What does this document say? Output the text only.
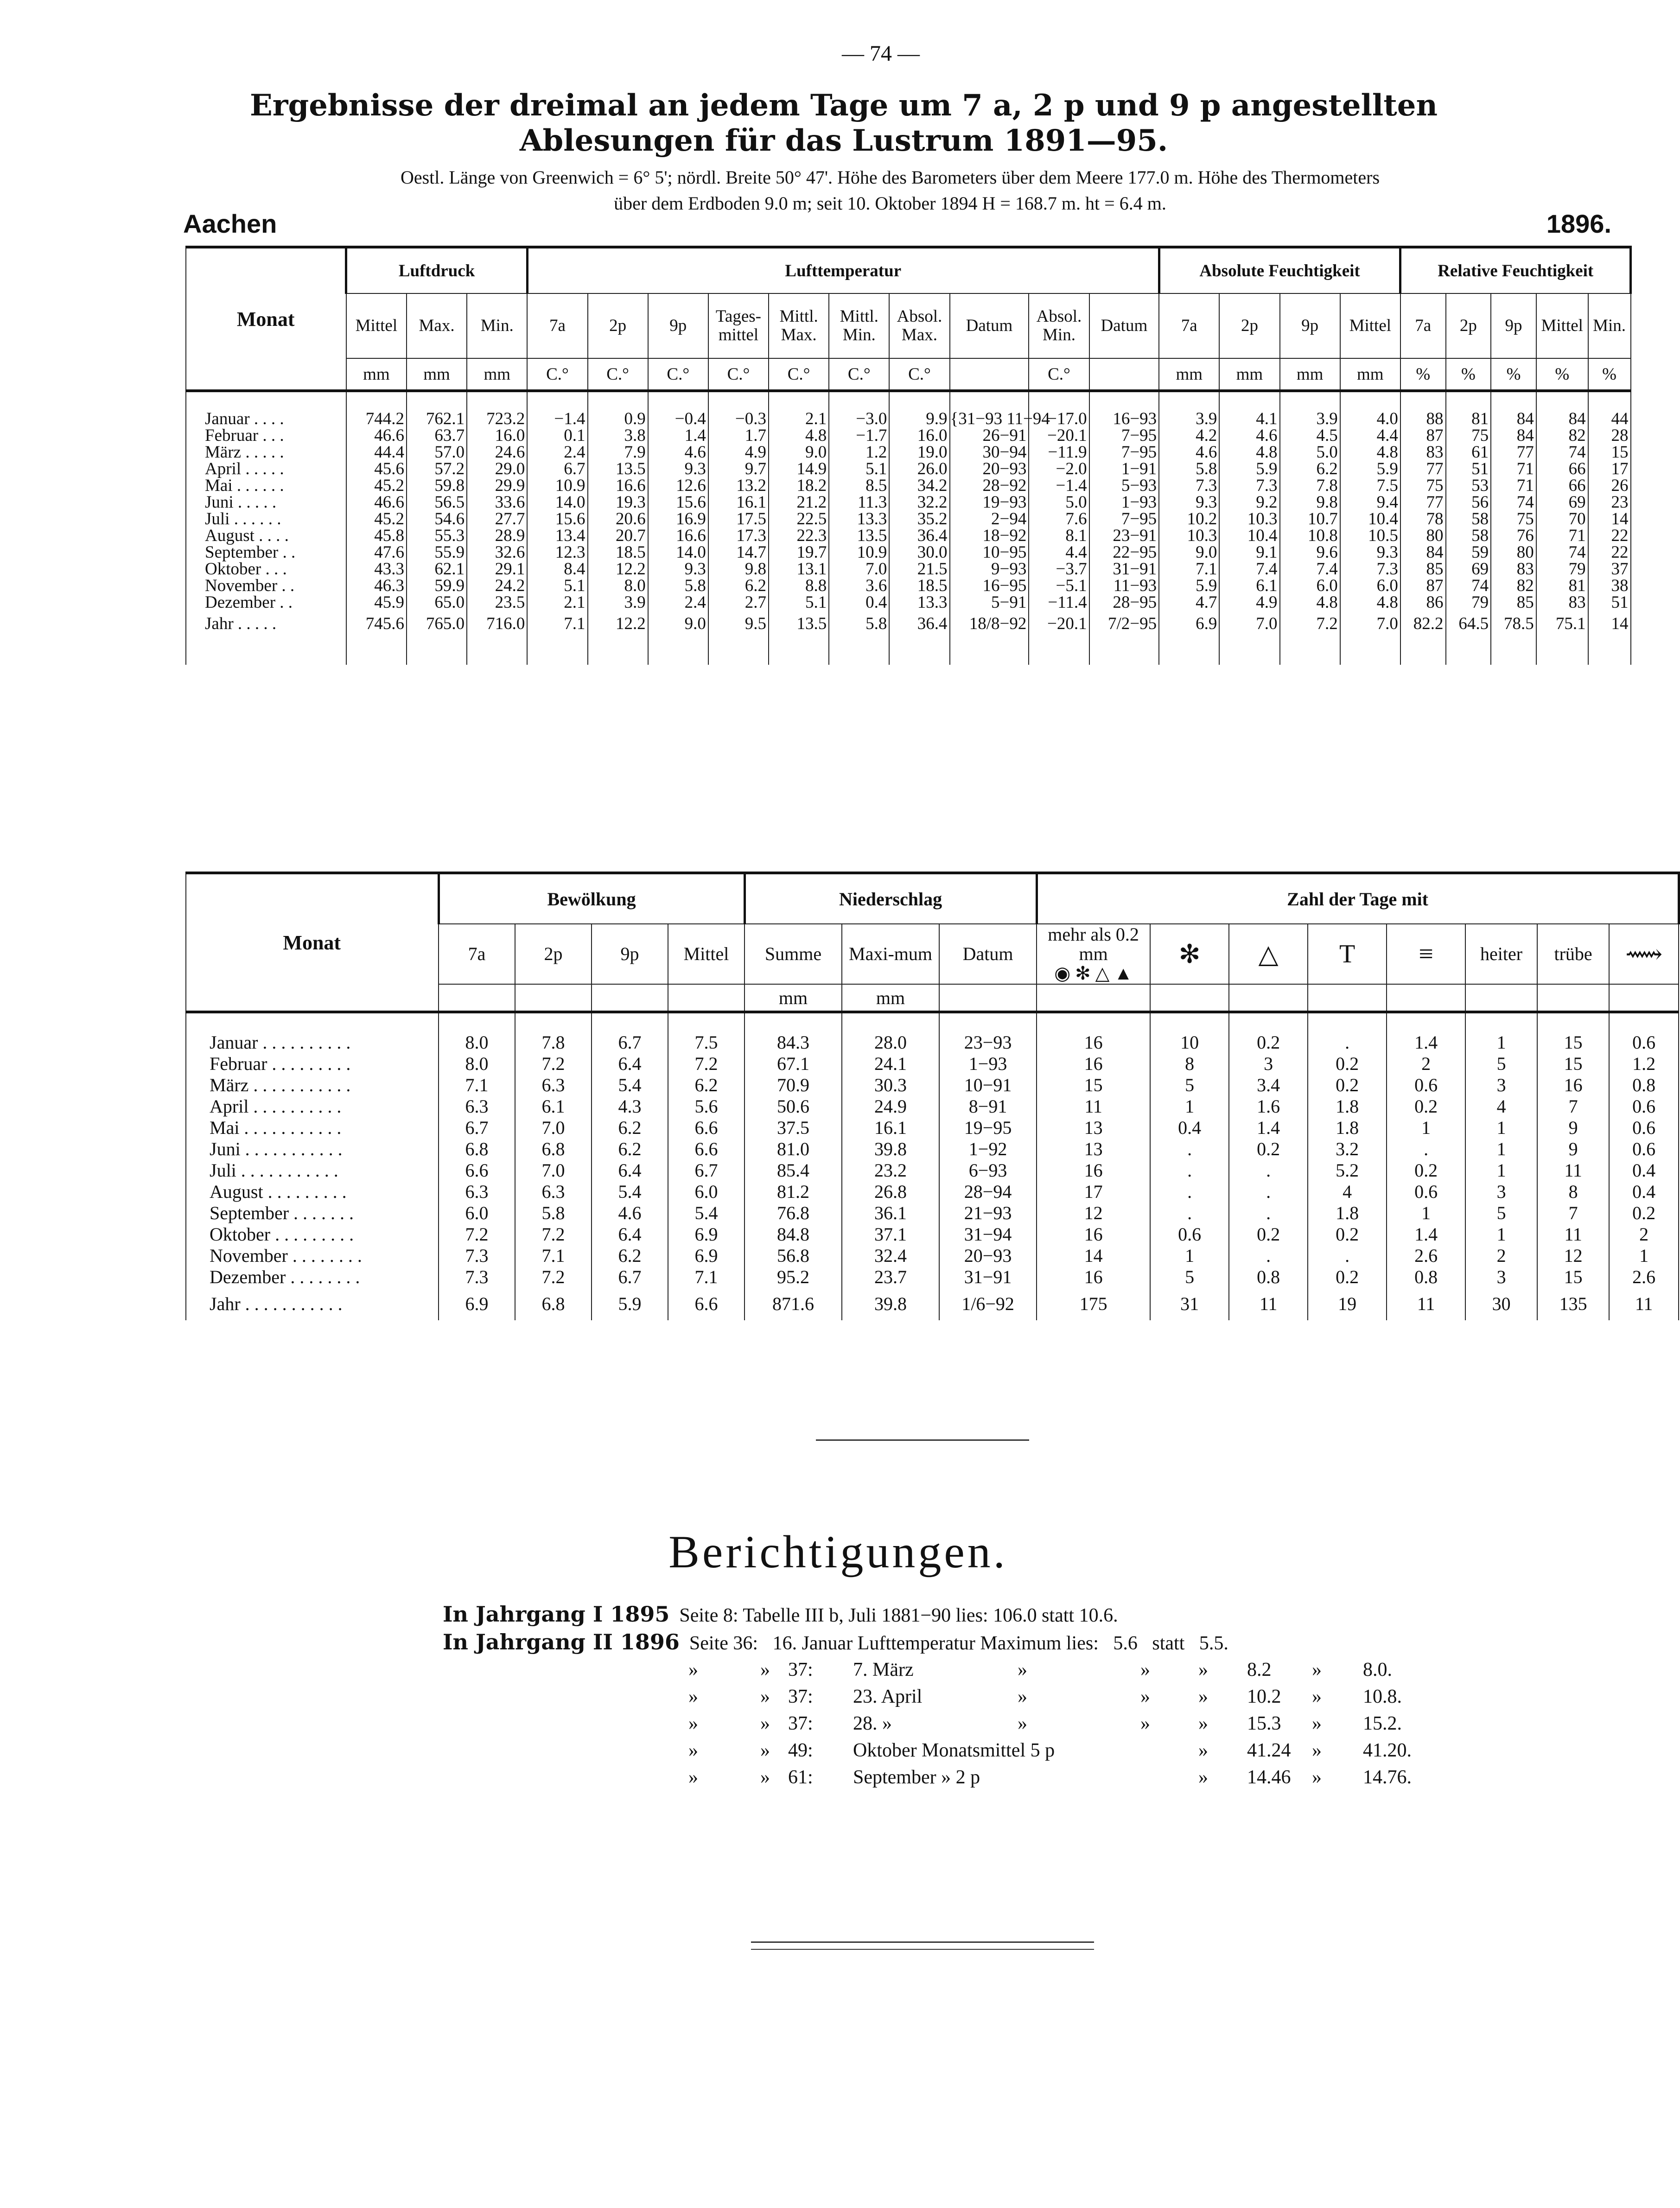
— 74 —
Ergebnisse der dreimal an jedem Tage um 7 a, 2 p und 9 p angestellten
Ablesungen für das Lustrum 1891—95.
Oestl. Länge von Greenwich = 6° 5'; nördl. Breite 50° 47'. Höhe des Barometers über dem Meere 177.0 m. Höhe des Thermometers
über dem Erdboden 9.0 m; seit 10. Oktober 1894 H = 168.7 m. ht = 6.4 m.
Aachen	1896.
Monat	Luftdruck			Lufttemperatur										Absolute Feuchtigkeit				Relative Feuchtigkeit				
	Mittel	Max.	Min.	7a	2p	9p	Tages-mittel	Mittl. Max.	Mittl. Min.	Absol. Max.	Datum	Absol. Min.	Datum	7a	2p	9p	Mittel	7a	2p	9p	Mittel	Min.
	mm	mm	mm	C.°	C.°	C.°	C.°	C.°	C.°	C.°		C.°		mm	mm	mm	mm	%	%	%	%	%

Januar . . . .	744.2	762.1	723.2	−1.4	0.9	−0.4	−0.3	2.1	−3.0	9.9	{31−93 11−94	−17.0	16−93	3.9	4.1	3.9	4.0	88	81	84	84	44
Februar . . .	46.6	63.7	16.0	0.1	3.8	1.4	1.7	4.8	−1.7	16.0	26−91	−20.1	7−95	4.2	4.6	4.5	4.4	87	75	84	82	28
März . . . . .	44.4	57.0	24.6	2.4	7.9	4.6	4.9	9.0	1.2	19.0	30−94	−11.9	7−95	4.6	4.8	5.0	4.8	83	61	77	74	15
April . . . . .	45.6	57.2	29.0	6.7	13.5	9.3	9.7	14.9	5.1	26.0	20−93	−2.0	1−91	5.8	5.9	6.2	5.9	77	51	71	66	17
Mai . . . . . .	45.2	59.8	29.9	10.9	16.6	12.6	13.2	18.2	8.5	34.2	28−92	−1.4	5−93	7.3	7.3	7.8	7.5	75	53	71	66	26
Juni . . . . .	46.6	56.5	33.6	14.0	19.3	15.6	16.1	21.2	11.3	32.2	19−93	5.0	1−93	9.3	9.2	9.8	9.4	77	56	74	69	23
Juli . . . . . .	45.2	54.6	27.7	15.6	20.6	16.9	17.5	22.5	13.3	35.2	2−94	7.6	7−95	10.2	10.3	10.7	10.4	78	58	75	70	14
August . . . .	45.8	55.3	28.9	13.4	20.7	16.6	17.3	22.3	13.5	36.4	18−92	8.1	23−91	10.3	10.4	10.8	10.5	80	58	76	71	22
September . .	47.6	55.9	32.6	12.3	18.5	14.0	14.7	19.7	10.9	30.0	10−95	4.4	22−95	9.0	9.1	9.6	9.3	84	59	80	74	22
Oktober . . .	43.3	62.1	29.1	8.4	12.2	9.3	9.8	13.1	7.0	21.5	9−93	−3.7	31−91	7.1	7.4	7.4	7.3	85	69	83	79	37
November . .	46.3	59.9	24.2	5.1	8.0	5.8	6.2	8.8	3.6	18.5	16−95	−5.1	11−93	5.9	6.1	6.0	6.0	87	74	82	81	38
Dezember . .	45.9	65.0	23.5	2.1	3.9	2.4	2.7	5.1	0.4	13.3	5−91	−11.4	28−95	4.7	4.9	4.8	4.8	86	79	85	83	51
Jahr . . . . .	745.6	765.0	716.0	7.1	12.2	9.0	9.5	13.5	5.8	36.4	18/8−92	−20.1	7/2−95	6.9	7.0	7.2	7.0	82.2	64.5	78.5	75.1	14

Monat	Bewölkung				Niederschlag			Zahl der Tage mit							
	7a	2p	9p	Mittel	Summe	Maxi-mum	Datum	mehr als 0.2 mm
◉ ✻ △ ▲	✻	△	T	≡	heiter	trübe	⟿
					mm	mm									

Januar . . . . . . . . . .	8.0	7.8	6.7	7.5	84.3	28.0	23−93	16	10	0.2	.	1.4	1	15	0.6
Februar . . . . . . . . .	8.0	7.2	6.4	7.2	67.1	24.1	1−93	16	8	3	0.2	2	5	15	1.2
März . . . . . . . . . . .	7.1	6.3	5.4	6.2	70.9	30.3	10−91	15	5	3.4	0.2	0.6	3	16	0.8
April . . . . . . . . . .	6.3	6.1	4.3	5.6	50.6	24.9	8−91	11	1	1.6	1.8	0.2	4	7	0.6
Mai . . . . . . . . . . .	6.7	7.0	6.2	6.6	37.5	16.1	19−95	13	0.4	1.4	1.8	1	1	9	0.6
Juni . . . . . . . . . . .	6.8	6.8	6.2	6.6	81.0	39.8	1−92	13	.	0.2	3.2	.	1	9	0.6
Juli . . . . . . . . . . .	6.6	7.0	6.4	6.7	85.4	23.2	6−93	16	.	.	5.2	0.2	1	11	0.4
August . . . . . . . . .	6.3	6.3	5.4	6.0	81.2	26.8	28−94	17	.	.	4	0.6	3	8	0.4
September . . . . . . .	6.0	5.8	4.6	5.4	76.8	36.1	21−93	12	.	.	1.8	1	5	7	0.2
Oktober . . . . . . . . .	7.2	7.2	6.4	6.9	84.8	37.1	31−94	16	0.6	0.2	0.2	1.4	1	11	2
November . . . . . . . .	7.3	7.1	6.2	6.9	56.8	32.4	20−93	14	1	.	.	2.6	2	12	1
Dezember . . . . . . . .	7.3	7.2	6.7	7.1	95.2	23.7	31−91	16	5	0.8	0.2	0.8	3	15	2.6
Jahr . . . . . . . . . . .	6.9	6.8	5.9	6.6	871.6	39.8	1/6−92	175	31	11	19	11	30	135	11
Berichtigungen.
In Jahrgang I 1895 Seite 8: Tabelle III b, Juli 1881−90 lies: 106.0 statt 10.6.
In Jahrgang II 1896 Seite 36: 16. Januar Lufttemperatur Maximum lies: 5.6 statt 5.5.
»	» 37: 7. März	»	» » 8.2 » 8.0.
»	» 37: 23. April	»	» » 10.2 » 10.8.
»	» 37: 28. »	»	» » 15.3 » 15.2.
»	» 49: Oktober Monatsmittel 5 p	» 41.24 » 41.20.
»	» 61: September » 2 p	» 14.46 » 14.76.
